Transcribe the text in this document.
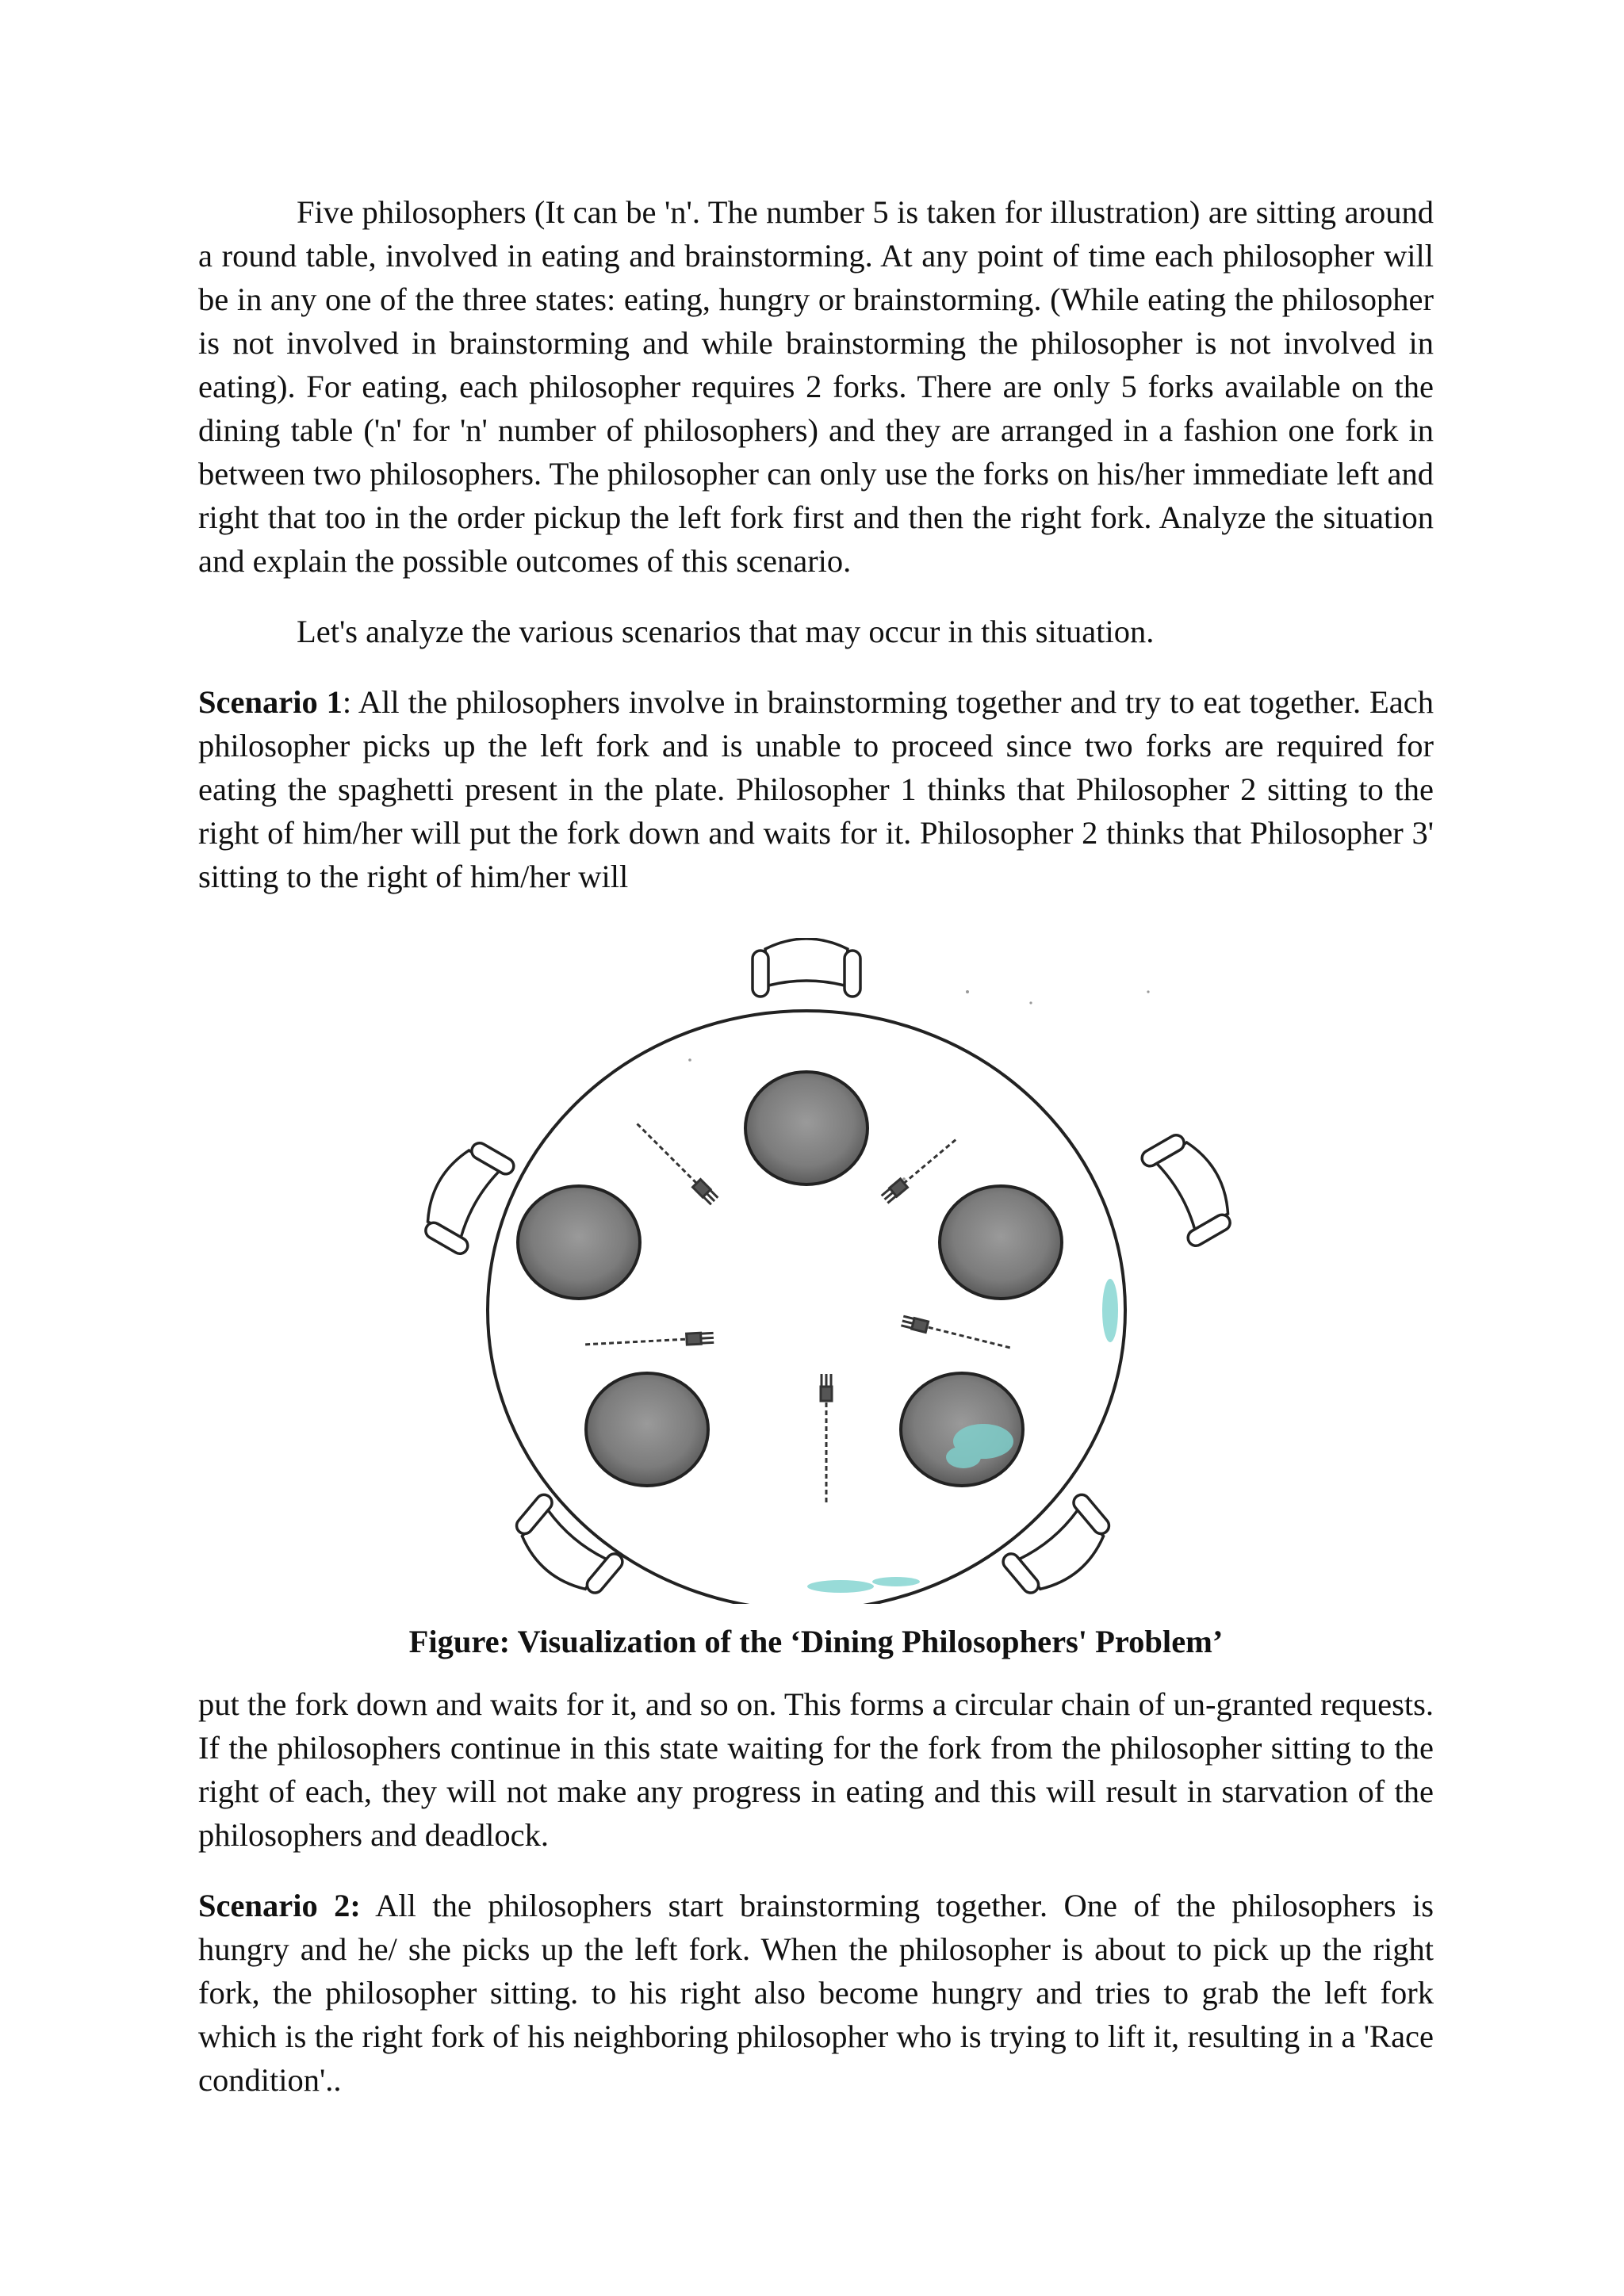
Five philosophers (It can be 'n'. The number 5 is taken for illustration) are sitting around a round table, involved in eating and brainstorming. At any point of time each philosopher will be in any one of the three states: eating, hungry or brainstorming. (While eating the philosopher is not involved in brainstorming and while brainstorming the philosopher is not involved in eating). For eating, each philosopher requires 2 forks. There are only 5 forks available on the dining table ('n' for 'n' number of philosophers) and they are arranged in a fashion one fork in between two philosophers. The philosopher can only use the forks on his/her immediate left and right that too in the order pickup the left fork first and then the right fork. Analyze the situation and explain the possible outcomes of this scenario.

Let's analyze the various scenarios that may occur in this situation.

Scenario 1: All the philosophers involve in brainstorming together and try to eat together. Each philosopher picks up the left fork and is unable to proceed since two forks are required for eating the spaghetti present in the plate. Philosopher 1 thinks that Philosopher 2 sitting to the right of him/her will put the fork down and waits for it. Philosopher 2 thinks that Philosopher 3' sitting to the right of him/her will

Figure: Visualization of the ‘Dining Philosophers' Problem’

put the fork down and waits for it, and so on. This forms a circular chain of un-granted requests. If the philosophers continue in this state waiting for the fork from the philosopher sitting to the right of each, they will not make any progress in eating and this will result in starvation of the philosophers and deadlock.

Scenario 2: All the philosophers start brainstorming together. One of the philosophers is hungry and he/ she picks up the left fork. When the philosopher is about to pick up the right fork, the philosopher sitting. to his right also become hungry and tries to grab the left fork which is the right fork of his neighboring philosopher who is trying to lift it, resulting in a 'Race condition'..
